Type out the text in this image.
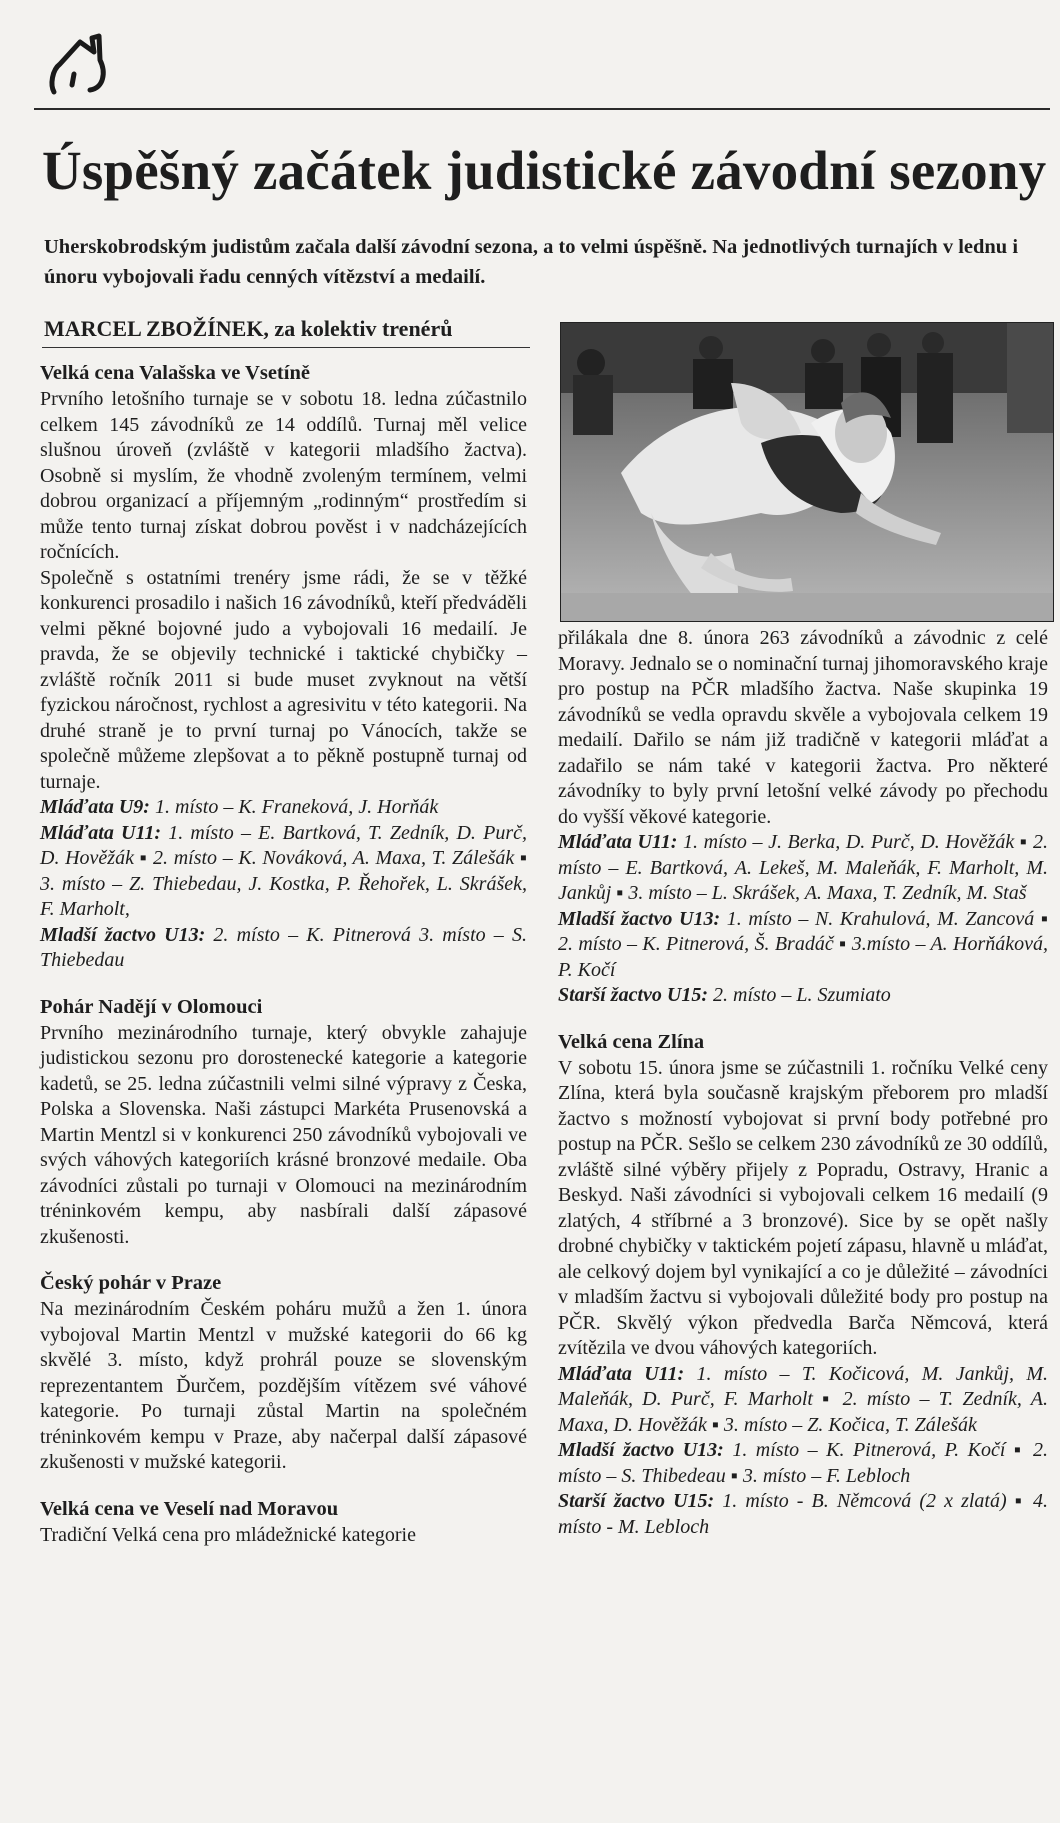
Úspěšný začátek judistické závodní sezony

Uherskobrodským judistům začala další závodní sezona, a to velmi úspěšně. Na jednotlivých turnajích v lednu i únoru vybojovali řadu cenných vítězství a medailí.

MARCEL ZBOŽÍNEK, za kolektiv trenérů

Velká cena Valašska ve Vsetíně

Prvního letošního turnaje se v sobotu 18. ledna zúčastnilo celkem 145 závodníků ze 14 oddílů. Turnaj měl velice slušnou úroveň (zvláště v kategorii mladšího žactva). Osobně si myslím, že vhodně zvoleným termínem, velmi dobrou organizací a příjemným „rodinným“ prostředím si může tento turnaj získat dobrou pověst i v nadcházejících ročnících.

Společně s ostatními trenéry jsme rádi, že se v těžké konkurenci prosadilo i našich 16 závodníků, kteří předváděli velmi pěkné bojovné judo a vybojovali 16 medailí. Je pravda, že se objevily technické i taktické chybičky – zvláště ročník 2011 si bude muset zvyknout na větší fyzickou náročnost, rychlost a agresivitu v této kategorii. Na druhé straně je to první turnaj po Vánocích, takže se společně můžeme zlepšovat a to pěkně postupně turnaj od turnaje.

Mláďata U9: 1. místo – K. Franeková, J. Horňák

Mláďata U11: 1. místo – E. Bartková, T. Zedník, D. Purč, D. Hověžák ▪ 2. místo – K. Nováková, A. Maxa, T. Zálešák ▪ 3. místo – Z. Thiebedau, J. Kostka, P. Řehořek, L. Skrášek, F. Marholt,

Mladší žactvo U13: 2. místo – K. Pitnerová 3. místo – S. Thiebedau

Pohár Nadějí v Olomouci

Prvního mezinárodního turnaje, který obvykle zahajuje judistickou sezonu pro dorostenecké kategorie a kategorie kadetů, se 25. ledna zúčastnili velmi silné výpravy z Česka, Polska a Slovenska. Naši zástupci Markéta Prusenovská a Martin Mentzl si v konkurenci 250 závodníků vybojovali ve svých váhových kategoriích krásné bronzové medaile. Oba závodníci zůstali po turnaji v Olomouci na mezinárodním tréninkovém kempu, aby nasbírali další zápasové zkušenosti.

Český pohár v Praze

Na mezinárodním Českém poháru mužů a žen 1. února vybojoval Martin Mentzl v mužské kategorii do 66 kg skvělé 3. místo, když prohrál pouze se slovenským reprezentantem Ďurčem, pozdějším vítězem své váhové kategorie. Po turnaji zůstal Martin na společném tréninkovém kempu v Praze, aby načerpal další zápasové zkušenosti v mužské kategorii.

Velká cena ve Veselí nad Moravou

Tradiční Velká cena pro mládežnické kategorie

přilákala dne 8. února 263 závodníků a závodnic z celé Moravy. Jednalo se o nominační turnaj jihomoravského kraje pro postup na PČR mladšího žactva. Naše skupinka 19 závodníků se vedla opravdu skvěle a vybojovala celkem 19 medailí. Dařilo se nám již tradičně v kategorii mláďat a zadařilo se nám také v kategorii žactva. Pro některé závodníky to byly první letošní velké závody po přechodu do vyšší věkové kategorie.

Mláďata U11: 1. místo – J. Berka, D. Purč, D. Hověžák ▪ 2. místo – E. Bartková, A. Lekeš, M. Maleňák, F. Marholt, M. Jankůj ▪ 3. místo – L. Skrášek, A. Maxa, T. Zedník, M. Staš

Mladší žactvo U13: 1. místo – N. Krahulová, M. Zancová ▪ 2. místo – K. Pitnerová, Š. Bradáč ▪ 3.místo – A. Horňáková, P. Kočí

Starší žactvo U15: 2. místo – L. Szumiato

Velká cena Zlína

V sobotu 15. února jsme se zúčastnili 1. ročníku Velké ceny Zlína, která byla současně krajským přeborem pro mladší žactvo s možností vybojovat si první body potřebné pro postup na PČR. Sešlo se celkem 230 závodníků ze 30 oddílů, zvláště silné výběry přijely z Popradu, Ostravy, Hranic a Beskyd. Naši závodníci si vybojovali celkem 16 medailí (9 zlatých, 4 stříbrné a 3 bronzové). Sice by se opět našly drobné chybičky v taktickém pojetí zápasu, hlavně u mláďat, ale celkový dojem byl vynikající a co je důležité – závodníci v mladším žactvu si vybojovali důležité body pro postup na PČR. Skvělý výkon předvedla Barča Němcová, která zvítězila ve dvou váhových kategoriích.

Mláďata U11: 1. místo – T. Kočicová, M. Jankůj, M. Maleňák, D. Purč, F. Marholt ▪ 2. místo – T. Zedník, A. Maxa, D. Hověžák ▪ 3. místo – Z. Kočica, T. Zálešák

Mladší žactvo U13: 1. místo – K. Pitnerová, P. Kočí ▪ 2. místo – S. Thibedeau ▪ 3. místo – F. Lebloch

Starší žactvo U15: 1. místo - B. Němcová (2 x zlatá) ▪ 4. místo - M. Lebloch
